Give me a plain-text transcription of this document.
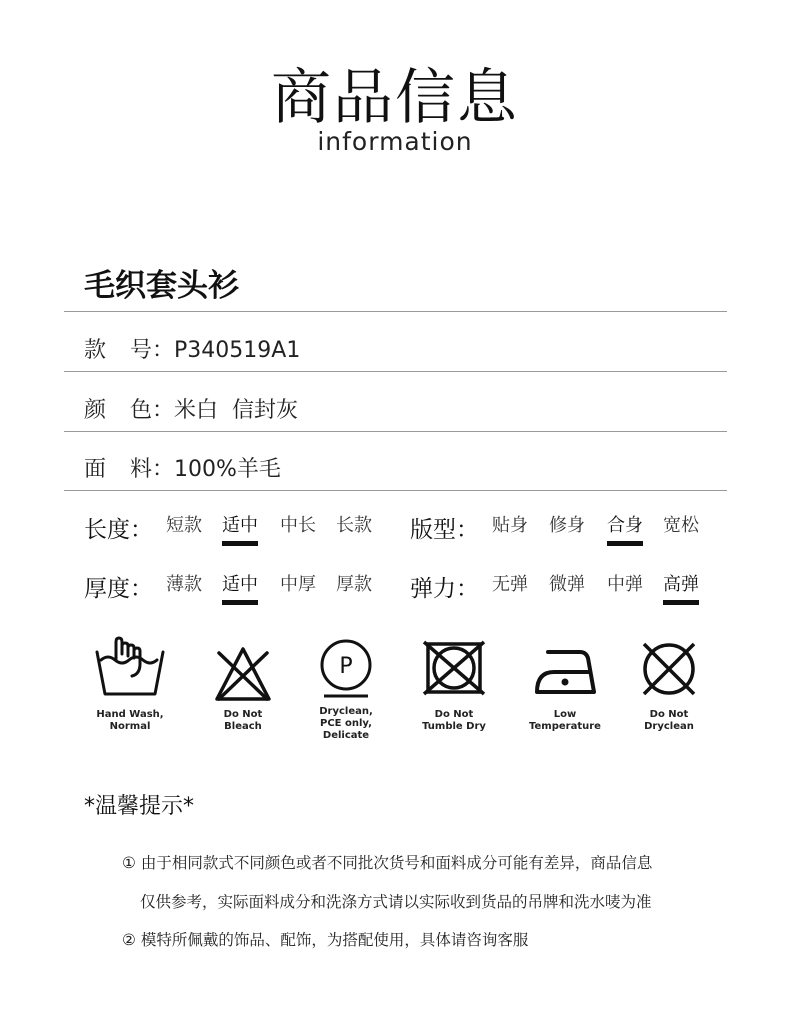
商品信息
information
毛织套头衫
款 号：P340519A1
颜 色：米白  信封灰
面 料：100%羊毛
长度： 短款 适中 中长 长款 版型： 贴身 修身 合身 宽松
厚度： 薄款 适中 中厚 厚款 弹力： 无弹 微弹 中弹 高弹
Hand Wash,
Normal
Do Not
Bleach
P
Dryclean,
PCE only,
Delicate
Do Not
Tumble Dry
Low
Temperature
Do Not
Dryclean
*温馨提示*
① 由于相同款式不同颜色或者不同批次货号和面料成分可能有差异，商品信息
仅供参考，实际面料成分和洗涤方式请以实际收到货品的吊牌和洗水唛为准
② 模特所佩戴的饰品、配饰，为搭配使用，具体请咨询客服
